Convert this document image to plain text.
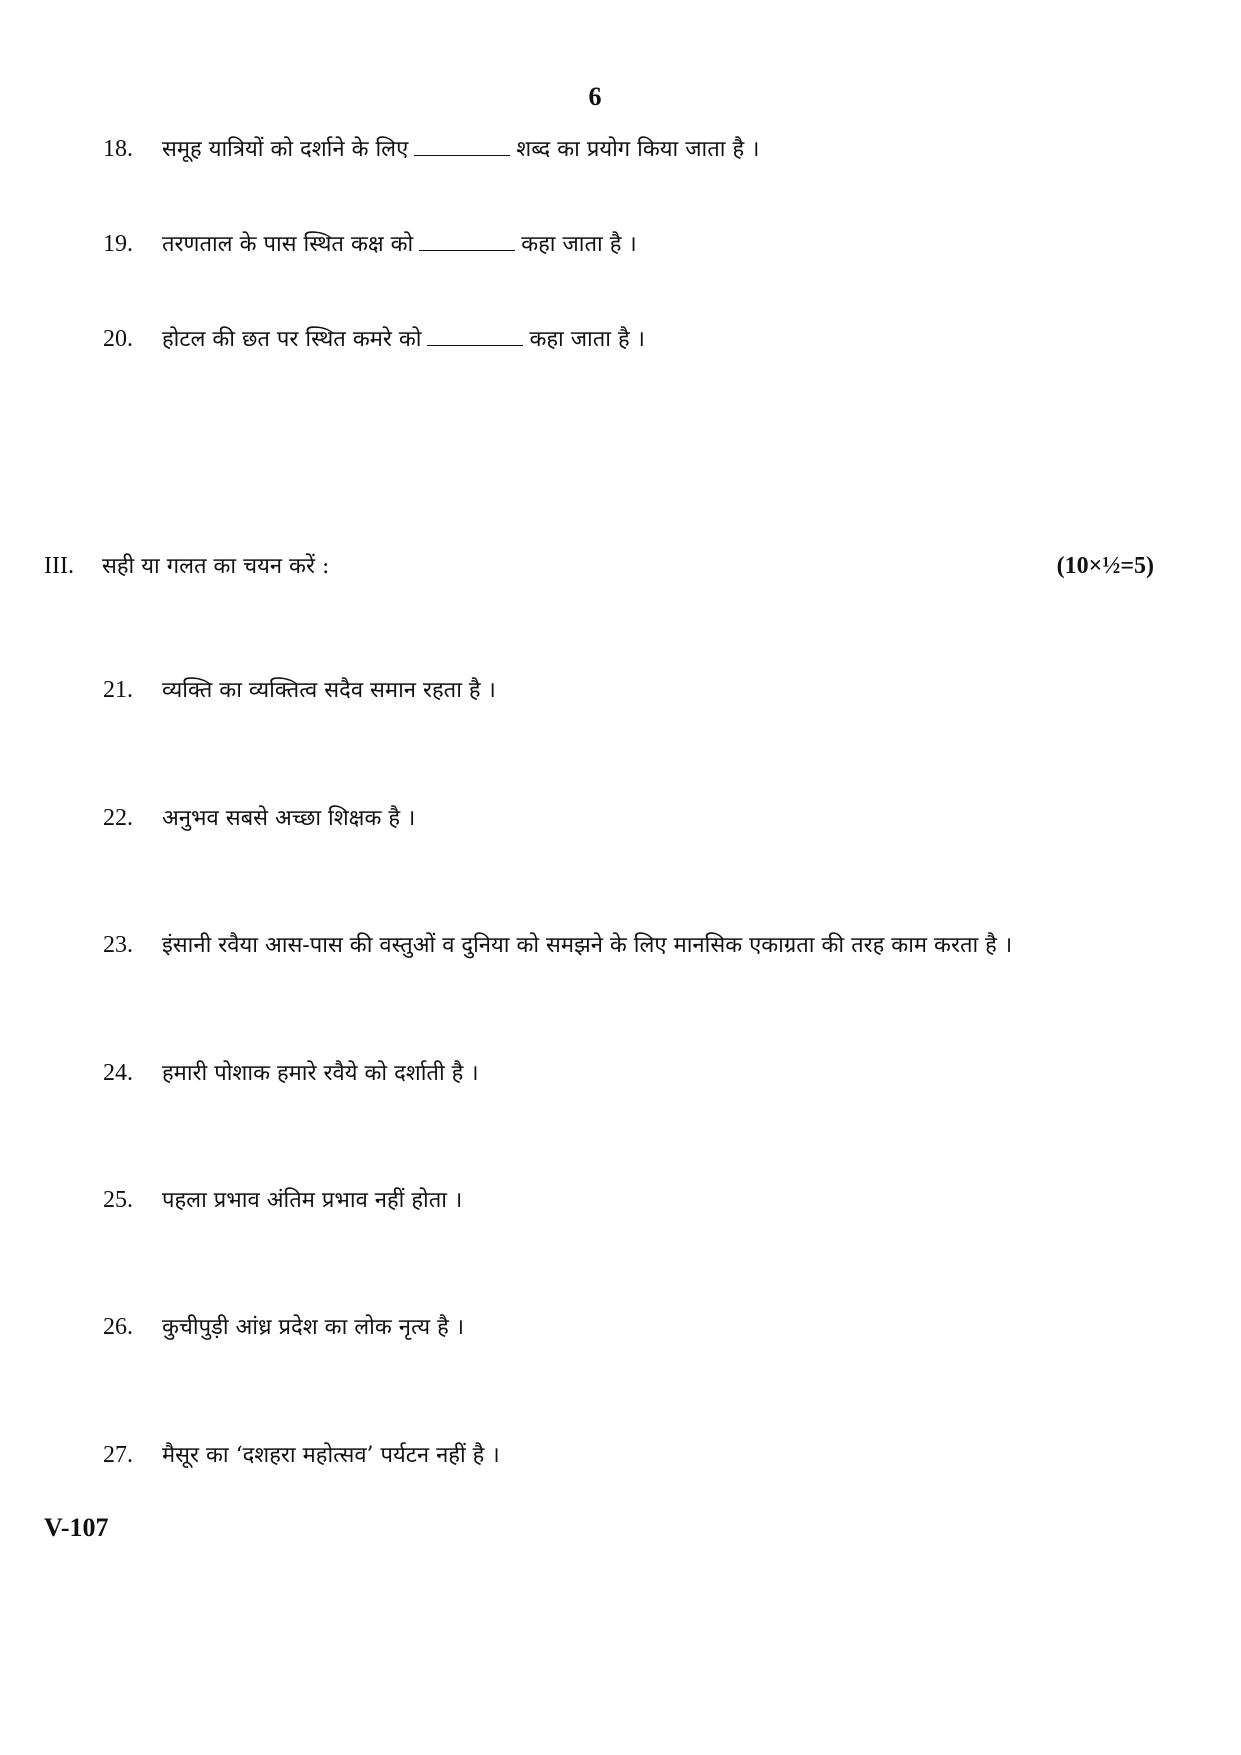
6
18. समूह यात्रियों को दर्शाने के लिए	शब्द का प्रयोग किया जाता है ।
19. तरणताल के पास स्थित कक्ष को	कहा जाता है ।
20. होटल की छत पर स्थित कमरे को	कहा जाता है ।
III. सही या गलत का चयन करें :	(10×½=5)
21. व्यक्ति का व्यक्तित्व सदैव समान रहता है ।
22. अनुभव सबसे अच्छा शिक्षक है ।
23. इंसानी रवैया आस-पास की वस्तुओं व दुनिया को समझने के लिए मानसिक एकाग्रता की तरह काम करता है ।
24. हमारी पोशाक हमारे रवैये को दर्शाती है ।
25. पहला प्रभाव अंतिम प्रभाव नहीं होता ।
26. कुचीपुड़ी आंध्र प्रदेश का लोक नृत्य है ।
27. मैसूर का ‘दशहरा महोत्सव’ पर्यटन नहीं है ।
V-107
